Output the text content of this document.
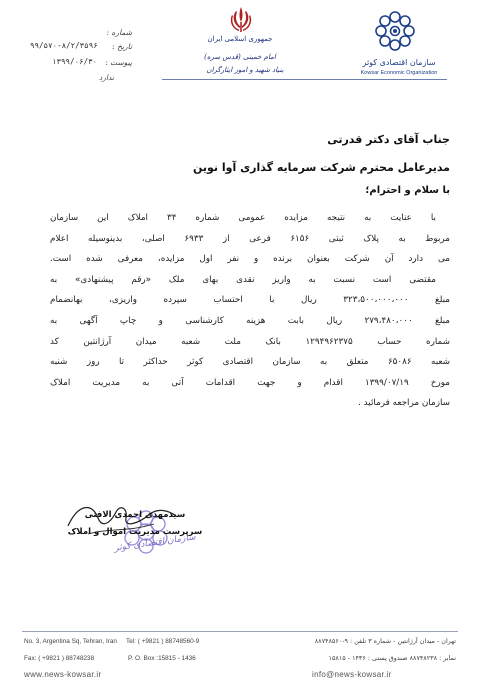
سازمان اقتصادی کوثر
Kowsar Economic Organization
جمهوری اسلامی ایران
امام خمینی (قدس سره)
بنیاد شهید و امور ایثارگران
شماره :
۹۹/۵۷۰-۸/۲/۳۵۹۶ تاریخ :
۱۳۹۹/۰۶/۳۰ پیوست :
ندارد

جناب آقای دکتر قدرتی

مدیرعامل محترم شرکت سرمایه گذاری آوا نوین

با سلام و احترام؛

با عنایت به نتیجه مزایده عمومی شماره ۳۴ املاک این سازمان
مربوط به پلاک ثبتی ۶۱۵۶ فرعی از ۶۹۳۳ اصلی، بدینوسیله اعلام
می دارد آن شرکت بعنوان برنده و نفر اول مزایده، معرفی شده است.
مقتضی است نسبت به واریز نقدی بهای ملک «رقم پیشنهادی» به
مبلغ ۳۲۳،۵۰۰،۰۰۰،۰۰۰ ریال با احتساب سپرده واریزی، بهانضمام
مبلغ ۲۷۹،۴۸۰،۰۰۰ ریال بابت هزینه کارشناسی و چاپ آگهی به
شماره حساب ۱۲۹۴۹۶۲۳۷۵ بانک ملت شعبه میدان آرژانتین کد
شعبه ۶۵۰۸۶ متعلق به سازمان اقتصادی کوثر حداکثر تا روز شنبه
مورخ ۱۳۹۹/۰۷/۱۹ اقدام و جهت اقدامات آتی به مدیریت املاک
سازمان مراجعه فرمائید .
سازمان اقتصادی کوثر
سیدمهدی احمدی الافتی
سرپرست مدیریت اموال و املاک
No. 3, Argentina Sq, Tehran, Iran Tel: ( +9821 ) 88748560-9
Fax: ( +9821 ) 88748238	P. O. Box :15815 - 1436
www.news-kowsar.ir
تهران - میدان آرژانتین - شماره ۳ تلفن : ۹-۸۸۷۴۸۵۶۰
نمابر : ۸۸۷۴۸۲۳۸ صندوق پستی : ۱۴۳۶ - ۱۵۸۱۵
info@news-kowsar.ir
